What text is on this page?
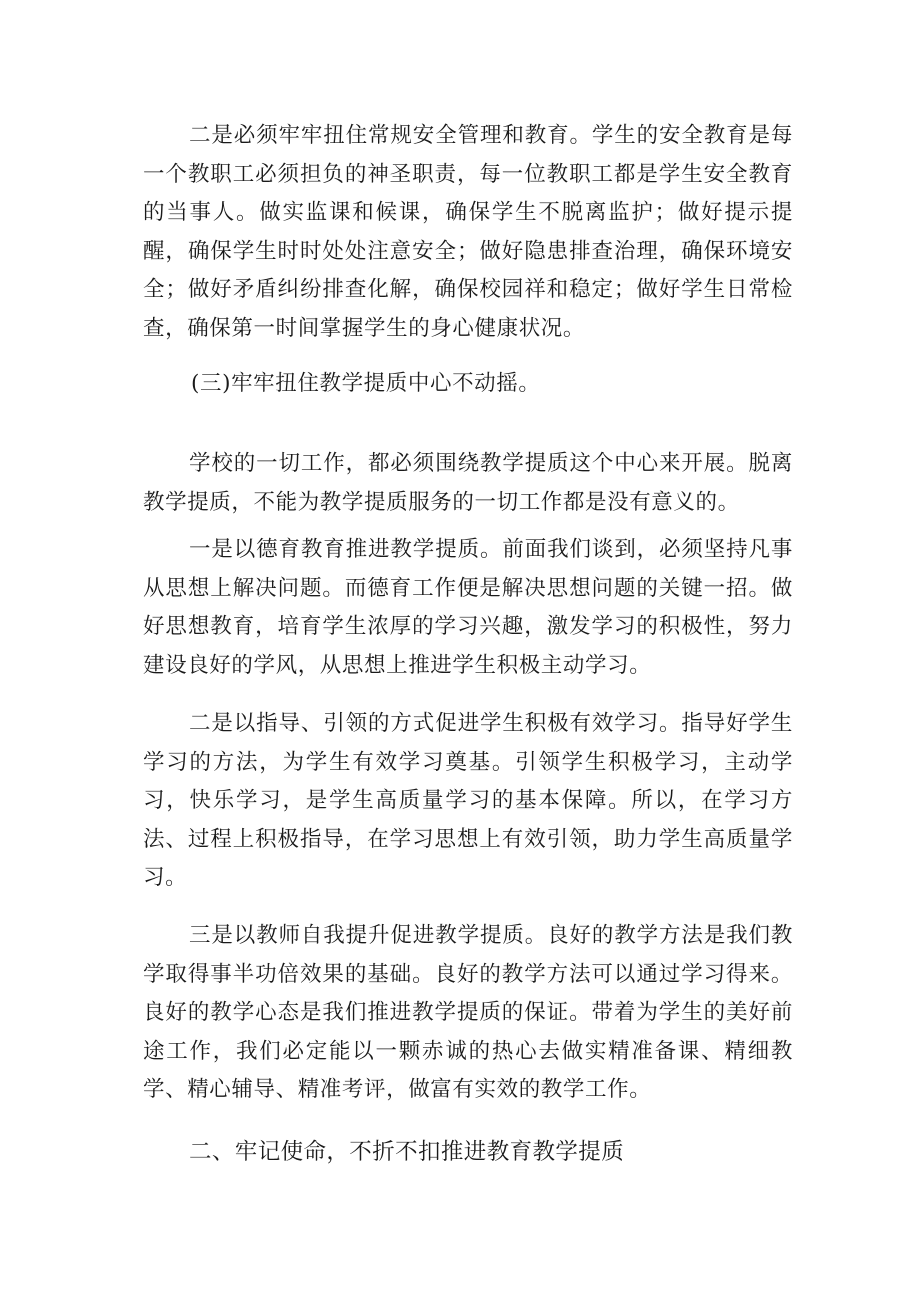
二是必须牢牢扭住常规安全管理和教育。学生的安全教育是每一个教职工必须担负的神圣职责，每一位教职工都是学生安全教育的当事人。做实监课和候课，确保学生不脱离监护；做好提示提醒，确保学生时时处处注意安全；做好隐患排查治理，确保环境安全；做好矛盾纠纷排查化解，确保校园祥和稳定；做好学生日常检查，确保第一时间掌握学生的身心健康状况。

(三)牢牢扭住教学提质中心不动摇。

学校的一切工作，都必须围绕教学提质这个中心来开展。脱离教学提质，不能为教学提质服务的一切工作都是没有意义的。

一是以德育教育推进教学提质。前面我们谈到，必须坚持凡事从思想上解决问题。而德育工作便是解决思想问题的关键一招。做好思想教育，培育学生浓厚的学习兴趣，激发学习的积极性，努力建设良好的学风，从思想上推进学生积极主动学习。

二是以指导、引领的方式促进学生积极有效学习。指导好学生学习的方法，为学生有效学习奠基。引领学生积极学习，主动学习，快乐学习，是学生高质量学习的基本保障。所以，在学习方法、过程上积极指导，在学习思想上有效引领，助力学生高质量学习。

三是以教师自我提升促进教学提质。良好的教学方法是我们教学取得事半功倍效果的基础。良好的教学方法可以通过学习得来。良好的教学心态是我们推进教学提质的保证。带着为学生的美好前途工作，我们必定能以一颗赤诚的热心去做实精准备课、精细教学、精心辅导、精准考评，做富有实效的教学工作。

二、牢记使命，不折不扣推进教育教学提质
